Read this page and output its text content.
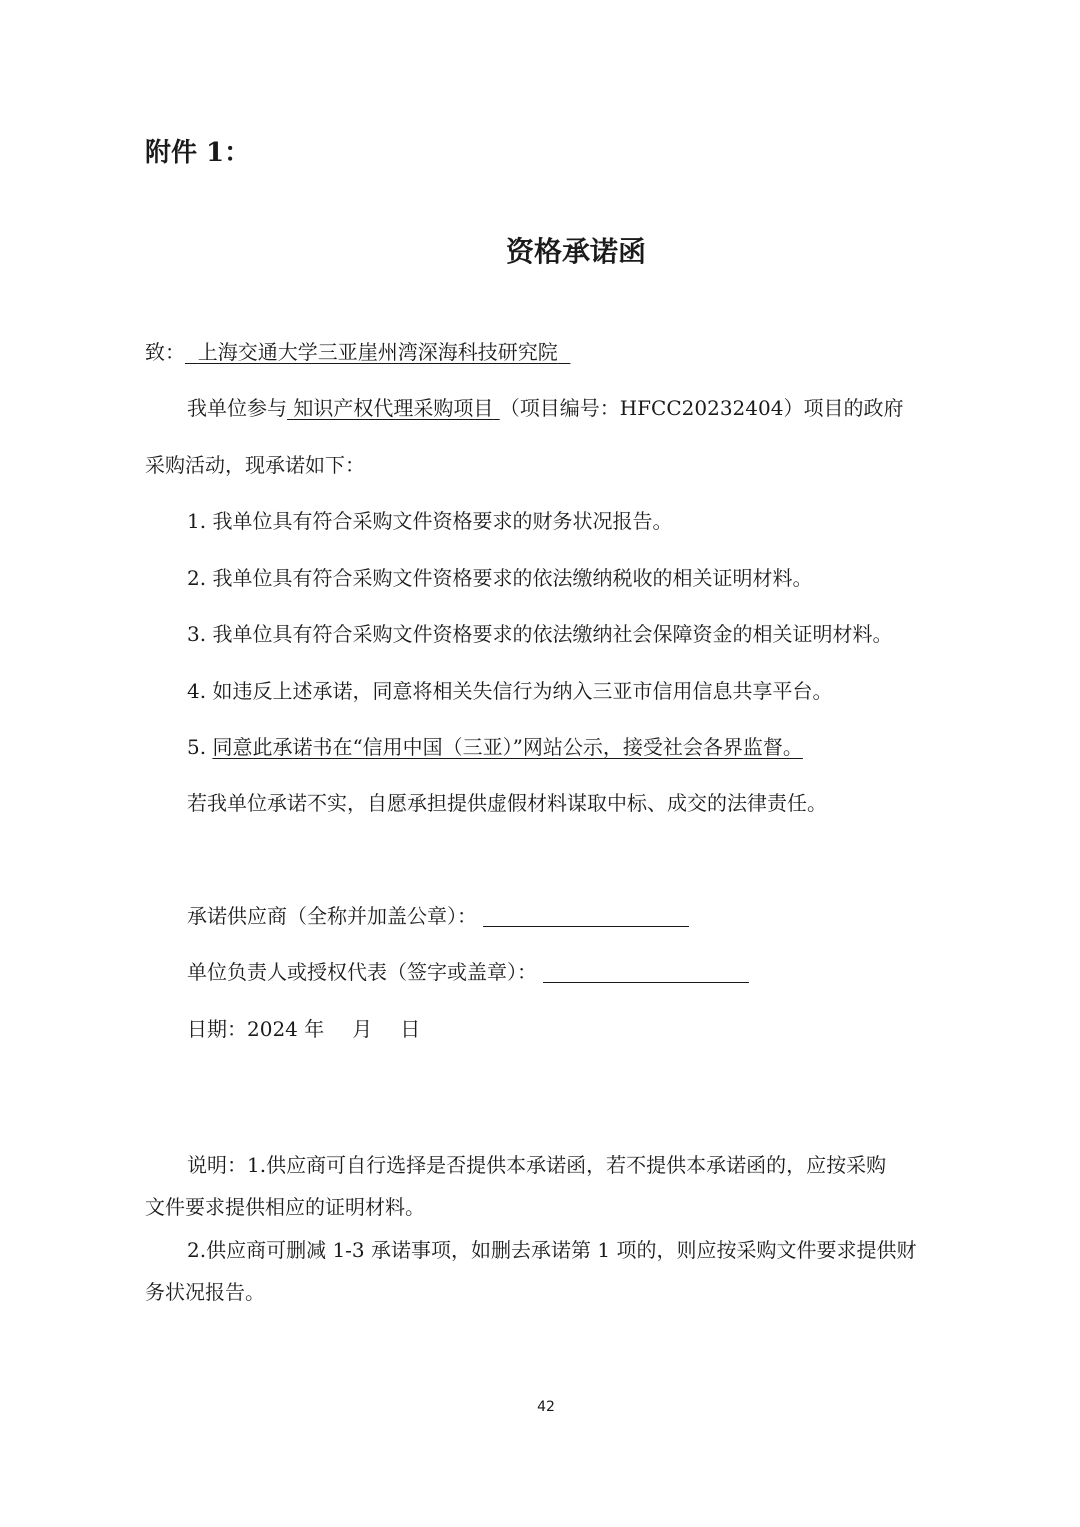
附件 1：
资格承诺函
致： 上海交通大学三亚崖州湾深海科技研究院
我单位参与 知识产权代理采购项目 （项目编号：HFCC20232404）项目的政府
采购活动，现承诺如下：
1. 我单位具有符合采购文件资格要求的财务状况报告。
2. 我单位具有符合采购文件资格要求的依法缴纳税收的相关证明材料。
3. 我单位具有符合采购文件资格要求的依法缴纳社会保障资金的相关证明材料。
4. 如违反上述承诺，同意将相关失信行为纳入三亚市信用信息共享平台。
5. 同意此承诺书在“信用中国（三亚）”网站公示，接受社会各界监督。
若我单位承诺不实，自愿承担提供虚假材料谋取中标、成交的法律责任。
承诺供应商（全称并加盖公章）：
单位负责人或授权代表（签字或盖章）：
日期：2024 年 月 日
说明：1.供应商可自行选择是否提供本承诺函，若不提供本承诺函的，应按采购
文件要求提供相应的证明材料。
2.供应商可删减 1-3 承诺事项，如删去承诺第 1 项的，则应按采购文件要求提供财
务状况报告。
42
